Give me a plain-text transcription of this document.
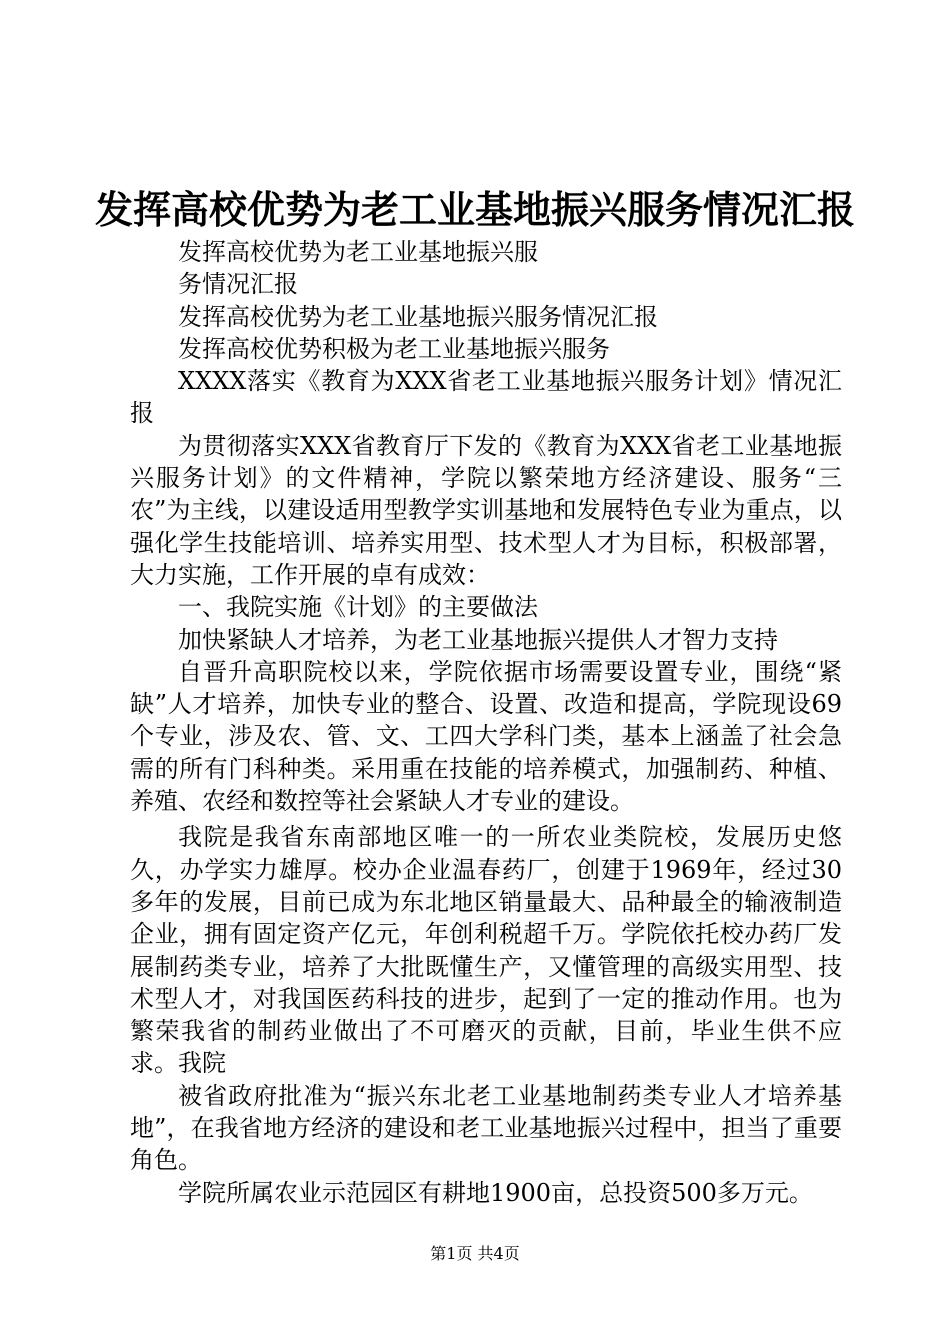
发挥高校优势为老工业基地振兴服务情况汇报

发挥高校优势为老工业基地振兴服

务情况汇报

发挥高校优势为老工业基地振兴服务情况汇报

发挥高校优势积极为老工业基地振兴服务

XXXX落实《教育为XXX省老工业基地振兴服务计划》情况汇报

为贯彻落实XXX省教育厅下发的《教育为XXX省老工业基地振兴服务计划》的文件精神，学院以繁荣地方经济建设、服务“三农”为主线，以建设适用型教学实训基地和发展特色专业为重点，以强化学生技能培训、培养实用型、技术型人才为目标，积极部署，大力实施，工作开展的卓有成效：

一、我院实施《计划》的主要做法

加快紧缺人才培养，为老工业基地振兴提供人才智力支持

自晋升高职院校以来，学院依据市场需要设置专业，围绕“紧缺”人才培养，加快专业的整合、设置、改造和提高，学院现设69个专业，涉及农、管、文、工四大学科门类，基本上涵盖了社会急需的所有门科种类。采用重在技能的培养模式，加强制药、种植、养殖、农经和数控等社会紧缺人才专业的建设。

我院是我省东南部地区唯一的一所农业类院校，发展历史悠久，办学实力雄厚。校办企业温春药厂，创建于1969年，经过30多年的发展，目前已成为东北地区销量最大、品种最全的输液制造企业，拥有固定资产亿元，年创利税超千万。学院依托校办药厂发展制药类专业，培养了大批既懂生产，又懂管理的高级实用型、技术型人才，对我国医药科技的进步，起到了一定的推动作用。也为繁荣我省的制药业做出了不可磨灭的贡献，目前，毕业生供不应求。我院

被省政府批准为“振兴东北老工业基地制药类专业人才培养基地”，在我省地方经济的建设和老工业基地振兴过程中，担当了重要角色。

学院所属农业示范园区有耕地1900亩，总投资500多万元。

第1页 共4页
